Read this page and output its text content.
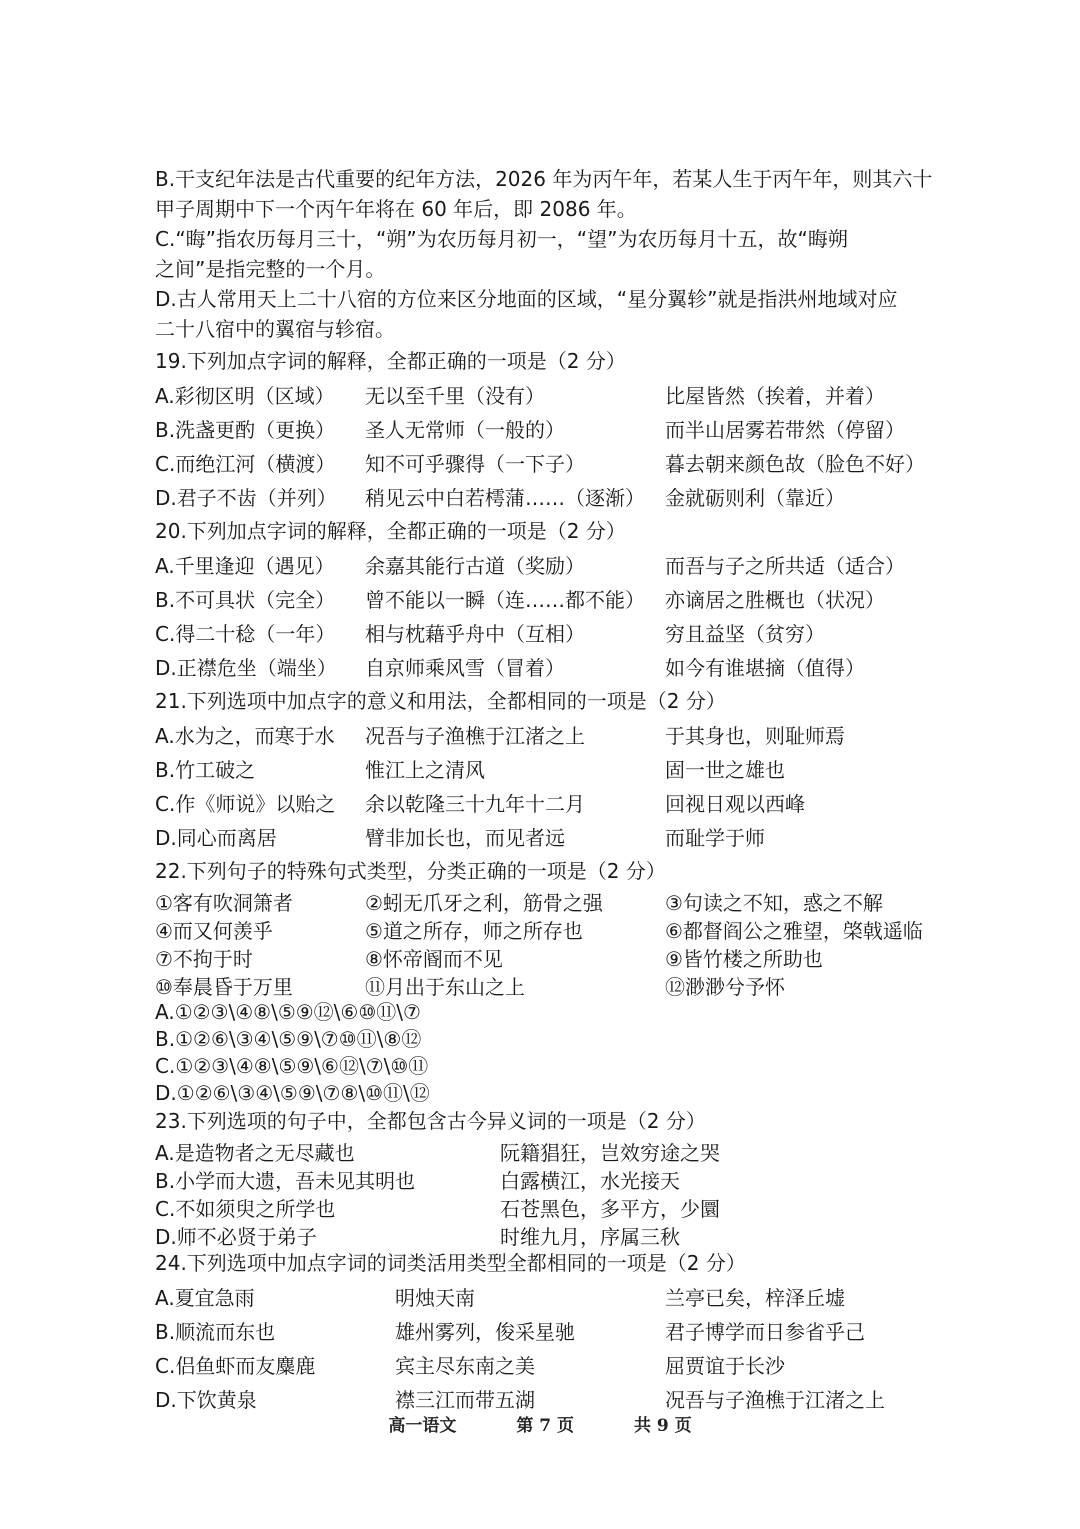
B.干支纪年法是古代重要的纪年方法，2026 年为丙午年，若某人生于丙午年，则其六十
甲子周期中下一个丙午年将在 60 年后，即 2086 年。
C.“晦”指农历每月三十，“朔”为农历每月初一，“望”为农历每月十五，故“晦朔
之间”是指完整的一个月。
D.古人常用天上二十八宿的方位来区分地面的区域，“星分翼轸”就是指洪州地域对应
二十八宿中的翼宿与轸宿。
19.下列加点字词的解释，全都正确的一项是（2 分）
A.彩彻区明（区域）	无以至千里（没有）	比屋皆然（挨着，并着）
B.洗盏更酌（更换）	圣人无常师（一般的）	而半山居雾若带然（停留）
C.而绝江河（横渡）	知不可乎骤得（一下子）	暮去朝来颜色故（脸色不好）
D.君子不齿（并列）	稍见云中白若樗蒲……（逐渐）	金就砺则利（靠近）
20.下列加点字词的解释，全都正确的一项是（2 分）
A.千里逢迎（遇见）	余嘉其能行古道（奖励）	而吾与子之所共适（适合）
B.不可具状（完全）	曾不能以一瞬（连……都不能）	亦谪居之胜概也（状况）
C.得二十稔（一年）	相与枕藉乎舟中（互相）	穷且益坚（贫穷）
D.正襟危坐（端坐）	自京师乘风雪（冒着）	如今有谁堪摘（值得）
21.下列选项中加点字的意义和用法，全都相同的一项是（2 分）
A.水为之，而寒于水	况吾与子渔樵于江渚之上	于其身也，则耻师焉
B.竹工破之	惟江上之清风	固一世之雄也
C.作《师说》以贻之	余以乾隆三十九年十二月	回视日观以西峰
D.同心而离居	臂非加长也，而见者远	而耻学于师
22.下列句子的特殊句式类型，分类正确的一项是（2 分）
①客有吹洞箫者	②蚓无爪牙之利，筋骨之强	③句读之不知，惑之不解
④而又何羡乎	⑤道之所存，师之所存也	⑥都督阎公之雅望，棨戟遥临
⑦不拘于时	⑧怀帝阍而不见	⑨皆竹楼之所助也
⑩奉晨昏于万里	⑪月出于东山之上	⑫渺渺兮予怀
A.①②③\④⑧\⑤⑨⑫\⑥⑩⑪\⑦
B.①②⑥\③④\⑤⑨\⑦⑩⑪\⑧⑫
C.①②③\④⑧\⑤⑨\⑥⑫\⑦\⑩⑪
D.①②⑥\③④\⑤⑨\⑦⑧\⑩⑪\⑫
23.下列选项的句子中，全都包含古今异义词的一项是（2 分）
A.是造物者之无尽藏也	阮籍猖狂，岂效穷途之哭
B.小学而大遗，吾未见其明也	白露横江，水光接天
C.不如须臾之所学也	石苍黑色，多平方，少圜
D.师不必贤于弟子	时维九月，序属三秋
24.下列选项中加点字词的词类活用类型全都相同的一项是（2 分）
A.夏宜急雨	明烛天南	兰亭已矣，梓泽丘墟
B.顺流而东也	雄州雾列，俊采星驰	君子博学而日参省乎己
C.侣鱼虾而友麋鹿	宾主尽东南之美	屈贾谊于长沙
D.下饮黄泉	襟三江而带五湖	况吾与子渔樵于江渚之上
高一语文	第 7 页	共 9 页
